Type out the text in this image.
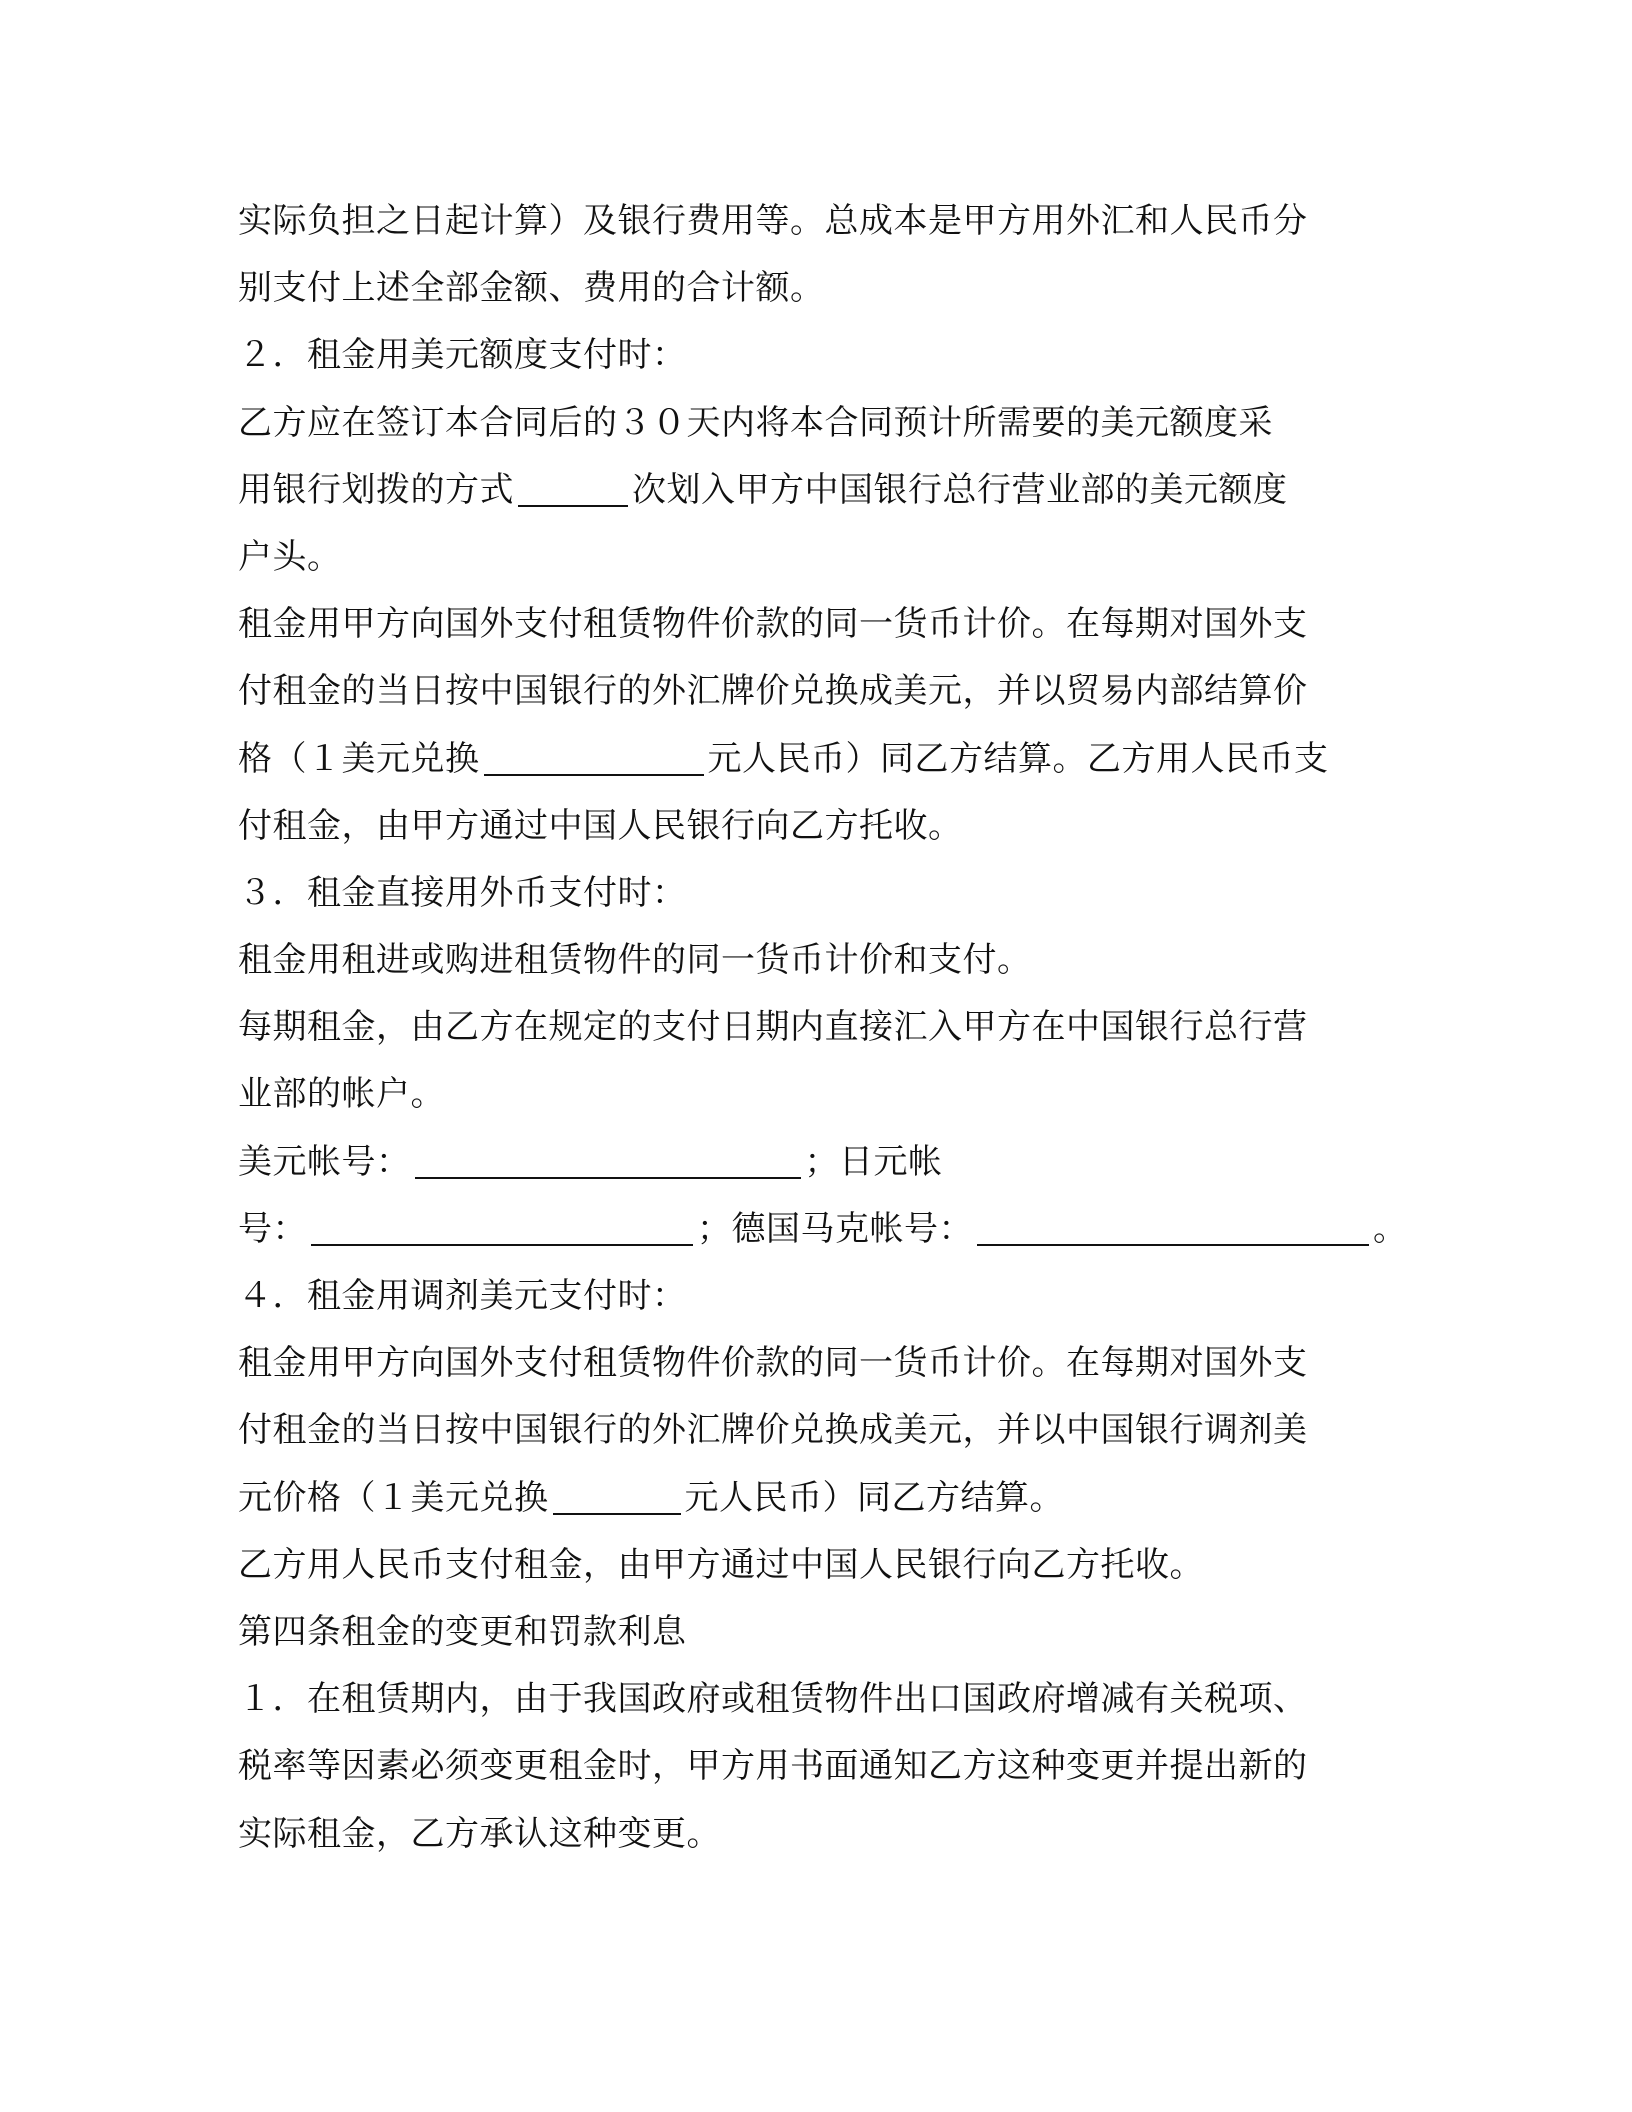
实际负担之日起计算）及银行费用等。总成本是甲方用外汇和人民币分
别支付上述全部金额、费用的合计额。
２．租金用美元额度支付时：
乙方应在签订本合同后的３０天内将本合同预计所需要的美元额度采
用银行划拨的方式	次划入甲方中国银行总行营业部的美元额度
户头。
租金用甲方向国外支付租赁物件价款的同一货币计价。在每期对国外支
付租金的当日按中国银行的外汇牌价兑换成美元，并以贸易内部结算价
格（１美元兑换	元人民币）同乙方结算。乙方用人民币支
付租金，由甲方通过中国人民银行向乙方托收。
３．租金直接用外币支付时：
租金用租进或购进租赁物件的同一货币计价和支付。
每期租金，由乙方在规定的支付日期内直接汇入甲方在中国银行总行营
业部的帐户。
美元帐号：	；日元帐
号：	；德国马克帐号：	。
４．租金用调剂美元支付时：
租金用甲方向国外支付租赁物件价款的同一货币计价。在每期对国外支
付租金的当日按中国银行的外汇牌价兑换成美元，并以中国银行调剂美
元价格（１美元兑换	元人民币）同乙方结算。
乙方用人民币支付租金，由甲方通过中国人民银行向乙方托收。
第四条租金的变更和罚款利息
１．在租赁期内，由于我国政府或租赁物件出口国政府增减有关税项、
税率等因素必须变更租金时，甲方用书面通知乙方这种变更并提出新的
实际租金，乙方承认这种变更。
